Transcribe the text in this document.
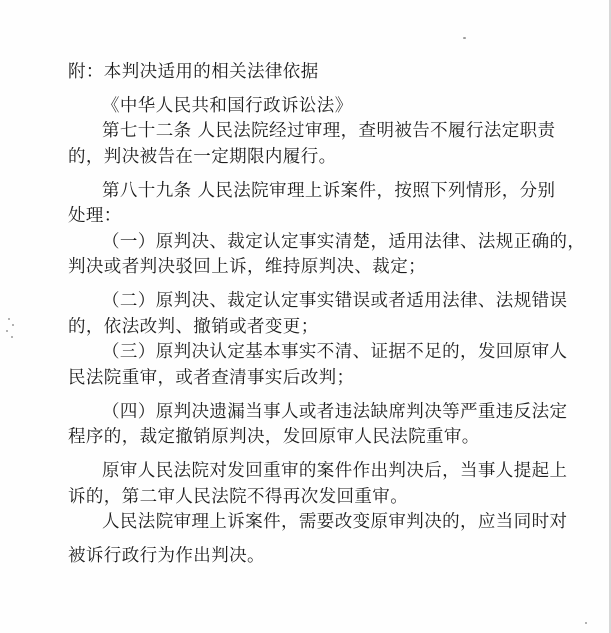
附：本判决适用的相关法律依据
《中华人民共和国行政诉讼法》
第七十二条 人民法院经过审理，查明被告不履行法定职责
的，判决被告在一定期限内履行。
第八十九条 人民法院审理上诉案件，按照下列情形，分别
处理：
（一）原判决、裁定认定事实清楚，适用法律、法规正确的，
判决或者判决驳回上诉，维持原判决、裁定；
（二）原判决、裁定认定事实错误或者适用法律、法规错误
的，依法改判、撤销或者变更；
（三）原判决认定基本事实不清、证据不足的，发回原审人
民法院重审，或者查清事实后改判；
（四）原判决遗漏当事人或者违法缺席判决等严重违反法定
程序的，裁定撤销原判决，发回原审人民法院重审。
原审人民法院对发回重审的案件作出判决后，当事人提起上
诉的，第二审人民法院不得再次发回重审。
人民法院审理上诉案件，需要改变原审判决的，应当同时对
被诉行政行为作出判决。
